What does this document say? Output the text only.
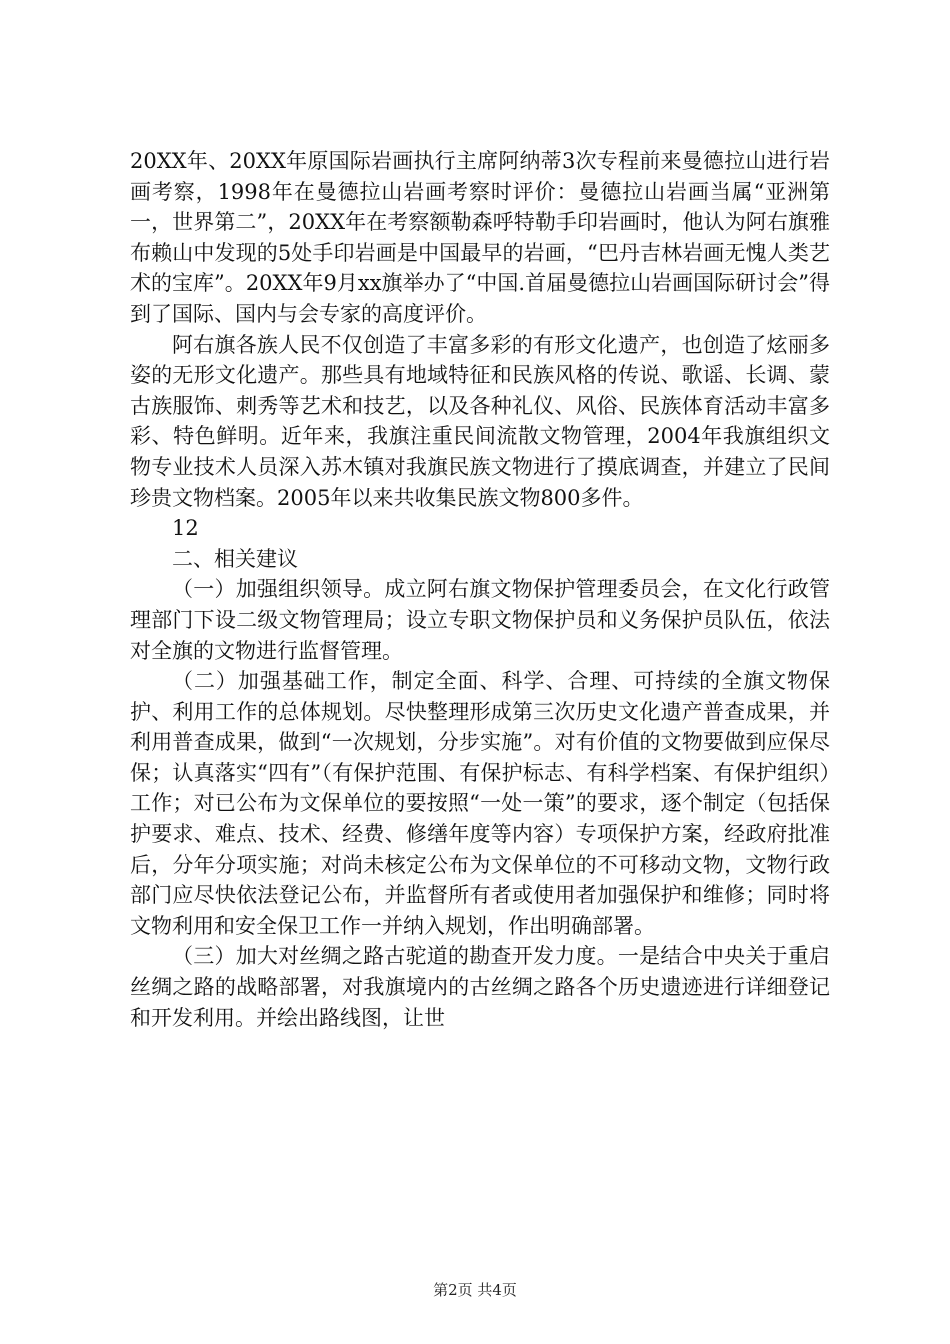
20XX年、20XX年原国际岩画执行主席阿纳蒂3次专程前来曼德拉山进行岩画考察，1998年在曼德拉山岩画考察时评价：曼德拉山岩画当属“亚洲第一，世界第二”，20XX年在考察额勒森呼特勒手印岩画时，他认为阿右旗雅布赖山中发现的5处手印岩画是中国最早的岩画，“巴丹吉林岩画无愧人类艺术的宝库”。20XX年9月xx旗举办了“中国.首届曼德拉山岩画国际研讨会”得到了国际、国内与会专家的高度评价。

阿右旗各族人民不仅创造了丰富多彩的有形文化遗产，也创造了炫丽多姿的无形文化遗产。那些具有地域特征和民族风格的传说、歌谣、长调、蒙古族服饰、刺秀等艺术和技艺，以及各种礼仪、风俗、民族体育活动丰富多彩、特色鲜明。近年来，我旗注重民间流散文物管理，2004年我旗组织文物专业技术人员深入苏木镇对我旗民族文物进行了摸底调查，并建立了民间珍贵文物档案。2005年以来共收集民族文物800多件。

12

二、相关建议

（一）加强组织领导。成立阿右旗文物保护管理委员会，在文化行政管理部门下设二级文物管理局；设立专职文物保护员和义务保护员队伍，依法对全旗的文物进行监督管理。

（二）加强基础工作，制定全面、科学、合理、可持续的全旗文物保护、利用工作的总体规划。尽快整理形成第三次历史文化遗产普查成果，并利用普查成果，做到“一次规划，分步实施”。对有价值的文物要做到应保尽保；认真落实“四有”（有保护范围、有保护标志、有科学档案、有保护组织）工作；对已公布为文保单位的要按照“一处一策”的要求，逐个制定（包括保护要求、难点、技术、经费、修缮年度等内容）专项保护方案，经政府批准后，分年分项实施；对尚未核定公布为文保单位的不可移动文物，文物行政部门应尽快依法登记公布，并监督所有者或使用者加强保护和维修；同时将文物利用和安全保卫工作一并纳入规划，作出明确部署。

（三）加大对丝绸之路古驼道的勘查开发力度。一是结合中央关于重启丝绸之路的战略部署，对我旗境内的古丝绸之路各个历史遗迹进行详细登记和开发利用。并绘出路线图，让世

第2页 共4页
